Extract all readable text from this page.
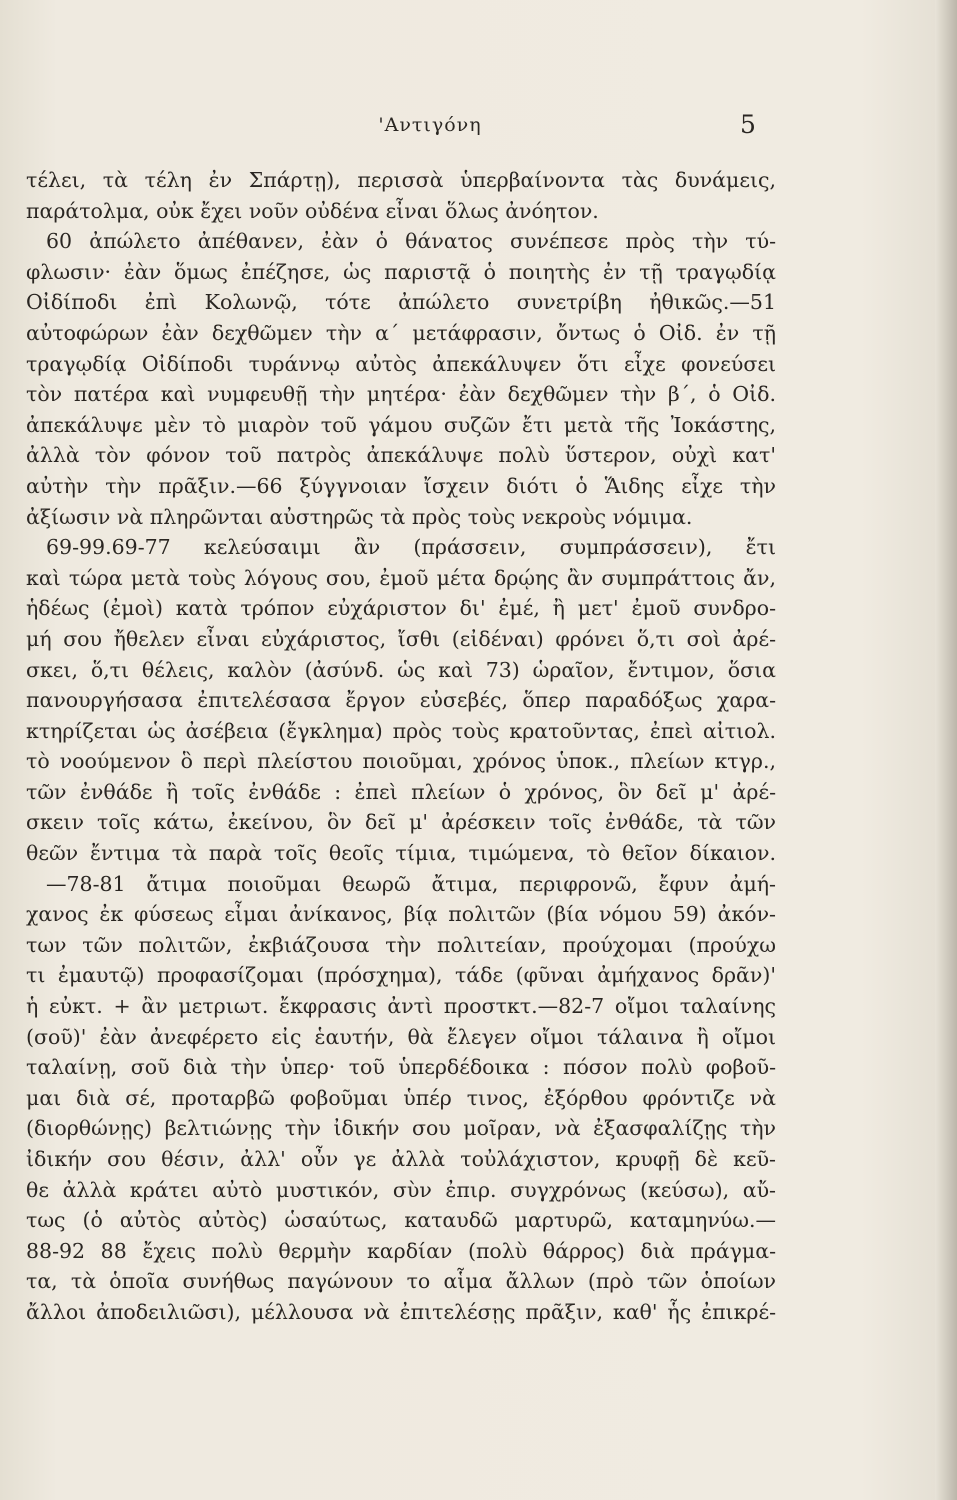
'Αντιγόνη	5
τέλει, τὰ τέλη ἐν Σπάρτῃ), περισσὰ ὑπερβαίνοντα τὰς δυνάμεις,
παράτολμα, οὐκ ἔχει νοῦν οὐδένα εἶναι ὅλως ἀνόητον.
60 ἀπώλετο ἀπέθανεν, ἐὰν ὁ θάνατος συνέπεσε πρὸς τὴν τύ-
φλωσιν· ἐὰν ὅμως ἐπέζησε, ὡς παριστᾷ ὁ ποιητὴς ἐν τῇ τραγῳδίᾳ
Οἰδίποδι ἐπὶ Κολωνῷ, τότε ἀπώλετο συνετρίβη ἠθικῶς.—51
αὐτοφώρων ἐὰν δεχθῶμεν τὴν α΄ μετάφρασιν, ὄντως ὁ Οἰδ. ἐν τῇ
τραγῳδίᾳ Οἰδίποδι τυράννῳ αὐτὸς ἀπεκάλυψεν ὅτι εἶχε φονεύσει
τὸν πατέρα καὶ νυμφευθῇ τὴν μητέρα· ἐὰν δεχθῶμεν τὴν β΄, ὁ Οἰδ.
ἀπεκάλυψε μὲν τὸ μιαρὸν τοῦ γάμου συζῶν ἔτι μετὰ τῆς Ἰοκάστης,
ἀλλὰ τὸν φόνον τοῦ πατρὸς ἀπεκάλυψε πολὺ ὕστερον, οὐχὶ κατ'
αὐτὴν τὴν πρᾶξιν.—66 ξύγγνοιαν ἴσχειν διότι ὁ Ἅιδης εἶχε τὴν
ἀξίωσιν νὰ πληρῶνται αὐστηρῶς τὰ πρὸς τοὺς νεκροὺς νόμιμα.
69-99.69-77 κελεύσαιμι ἂν (πράσσειν, συμπράσσειν), ἔτι
καὶ τώρα μετὰ τοὺς λόγους σου, ἐμοῦ μέτα δρῴης ἂν συμπράττοις ἄν,
ἡδέως (ἐμοὶ) κατὰ τρόπον εὐχάριστον δι' ἐμέ, ἢ μετ' ἐμοῦ συνδρο-
μή σου ἤθελεν εἶναι εὐχάριστος, ἴσθι (εἰδέναι) φρόνει ὅ,τι σοὶ ἀρέ-
σκει, ὅ,τι θέλεις, καλὸν (ἀσύνδ. ὡς καὶ 73) ὡραῖον, ἔντιμον, ὅσια
πανουργήσασα ἐπιτελέσασα ἔργον εὐσεβές, ὅπερ παραδόξως χαρα-
κτηρίζεται ὡς ἀσέβεια (ἔγκλημα) πρὸς τοὺς κρατοῦντας, ἐπεὶ αἰτιολ.
τὸ νοούμενον ὃ περὶ πλείστου ποιοῦμαι, χρόνος ὑποκ., πλείων κτγρ.,
τῶν ἐνθάδε ἢ τοῖς ἐνθάδε : ἐπεὶ πλείων ὁ χρόνος, ὃν δεῖ μ' ἀρέ-
σκειν τοῖς κάτω, ἐκείνου, ὃν δεῖ μ' ἀρέσκειν τοῖς ἐνθάδε, τὰ τῶν
θεῶν ἔντιμα τὰ παρὰ τοῖς θεοῖς τίμια, τιμώμενα, τὸ θεῖον δίκαιον.
—78-81 ἄτιμα ποιοῦμαι θεωρῶ ἄτιμα, περιφρονῶ, ἔφυν ἀμή-
χανος ἐκ φύσεως εἶμαι ἀνίκανος, βίᾳ πολιτῶν (βία νόμου 59) ἀκόν-
των τῶν πολιτῶν, ἐκβιάζουσα τὴν πολιτείαν, προύχομαι (προύχω
τι ἐμαυτῷ) προφασίζομαι (πρόσχημα), τάδε (φῦναι ἀμήχανος δρᾶν)'
ἡ εὐκτ. + ἂν μετριωτ. ἔκφρασις ἀντὶ προστκτ.—82-7 οἴμοι ταλαίνης
(σοῦ)' ἐὰν ἀνεφέρετο εἰς ἑαυτήν, θὰ ἔλεγεν οἴμοι τάλαινα ἢ οἴμοι
ταλαίνῃ, σοῦ διὰ τὴν ὑπερ· τοῦ ὑπερδέδοικα : πόσον πολὺ φοβοῦ-
μαι διὰ σέ, προταρβῶ φοβοῦμαι ὑπέρ τινος, ἐξόρθου φρόντιζε νὰ
(διορθώνῃς) βελτιώνῃς τὴν ἰδικήν σου μοῖραν, νὰ ἐξασφαλίζῃς τὴν
ἰδικήν σου θέσιν, ἀλλ' οὖν γε ἀλλὰ τοὐλάχιστον, κρυφῇ δὲ κεῦ-
θε ἀλλὰ κράτει αὐτὸ μυστικόν, σὺν ἐπιρ. συγχρόνως (κεύσω), αὔ-
τως (ὁ αὐτὸς αὐτὸς) ὡσαύτως, καταυδῶ μαρτυρῶ, καταμηνύω.—
88-92 88 ἔχεις πολὺ θερμὴν καρδίαν (πολὺ θάρρος) διὰ πράγμα-
τα, τὰ ὁποῖα συνήθως παγώνουν το αἷμα ἄλλων (πρὸ τῶν ὁποίων
ἄλλοι ἀποδειλιῶσι), μέλλουσα νὰ ἐπιτελέσῃς πρᾶξιν, καθ' ἧς ἐπικρέ-
